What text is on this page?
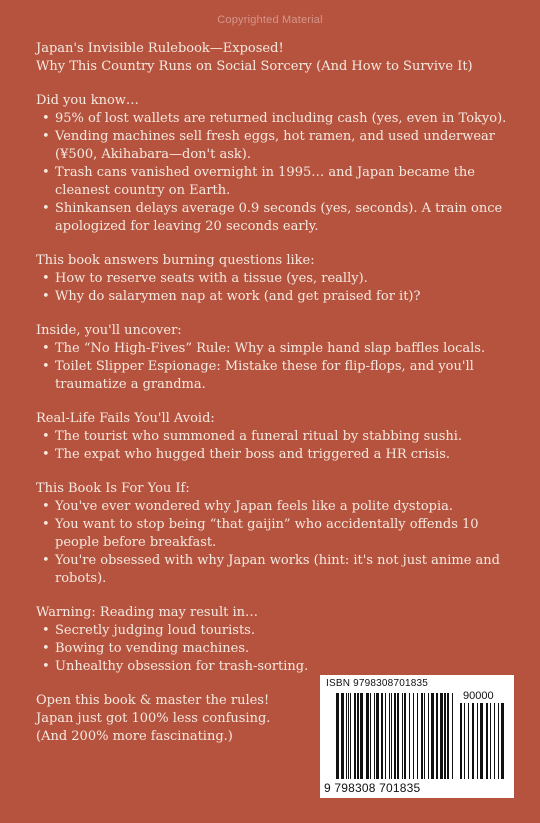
Copyrighted Material

Japan's Invisible Rulebook—Exposed!

Why This Country Runs on Social Sorcery (And How to Survive It)

Did you know…

• 95% of lost wallets are returned including cash (yes, even in Tokyo).
• Vending machines sell fresh eggs, hot ramen, and used underwear (¥500, Akihabara—don't ask).
• Trash cans vanished overnight in 1995… and Japan became the cleanest country on Earth.
• Shinkansen delays average 0.9 seconds (yes, seconds). A train once apologized for leaving 20 seconds early.

This book answers burning questions like:

• How to reserve seats with a tissue (yes, really).
• Why do salarymen nap at work (and get praised for it)?

Inside, you'll uncover:

• The “No High-Fives” Rule: Why a simple hand slap baffles locals.
• Toilet Slipper Espionage: Mistake these for flip-flops, and you'll traumatize a grandma.

Real-Life Fails You'll Avoid:

• The tourist who summoned a funeral ritual by stabbing sushi.
• The expat who hugged their boss and triggered a HR crisis.

This Book Is For You If:

• You've ever wondered why Japan feels like a polite dystopia.
• You want to stop being “that gaijin” who accidentally offends 10 people before breakfast.
• You're obsessed with why Japan works (hint: it's not just anime and robots).

Warning: Reading may result in…

• Secretly judging loud tourists.
• Bowing to vending machines.
• Unhealthy obsession for trash-sorting.

Open this book & master the rules!

Japan just got 100% less confusing.

(And 200% more fascinating.)

ISBN 9798308701835
90000
9 798308 701835
